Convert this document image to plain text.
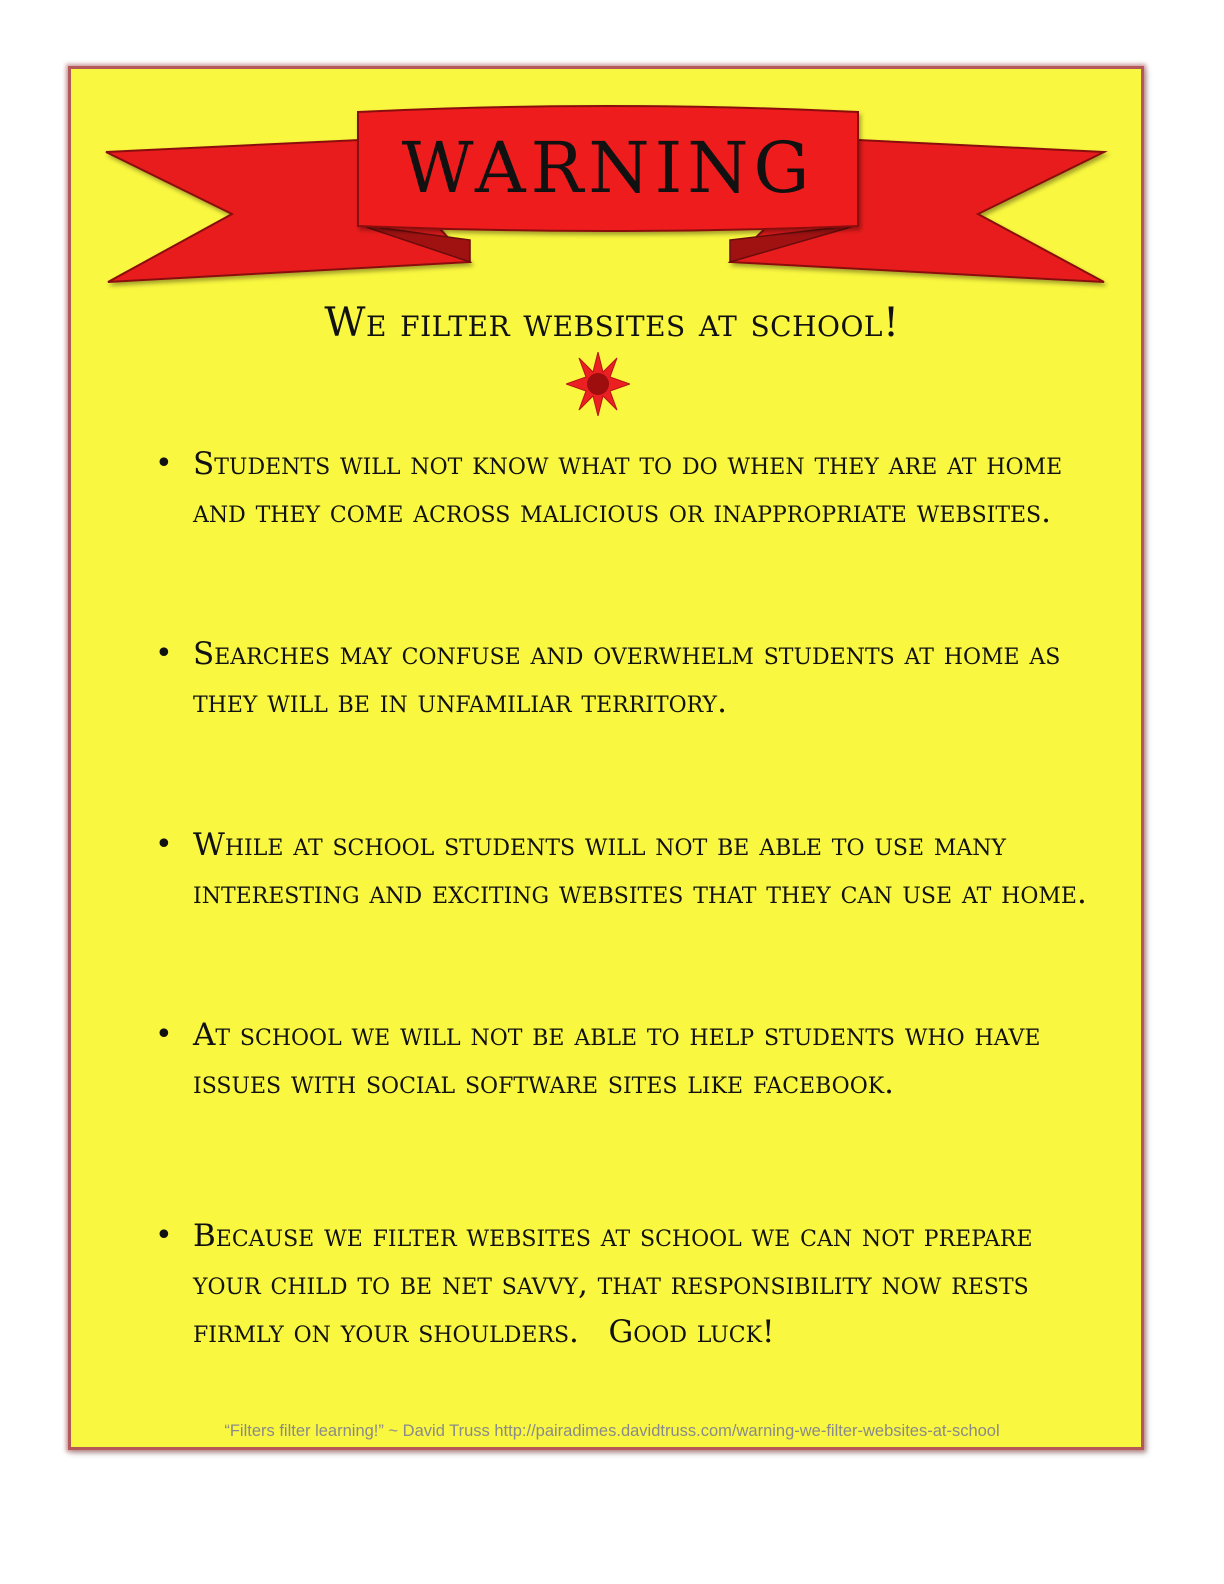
WARNING
We filter websites at school!
• Students will not know what to do when they are at home and they come across malicious or inappropriate websites.
• Searches may confuse and overwhelm students at home as they will be in unfamiliar territory.
• While at school students will not be able to use many interesting and exciting websites that they can use at home.
• At school we will not be able to help students who have issues with social software sites like facebook.
• Because we filter websites at school we can not prepare your child to be net savvy, that responsibility now rests firmly on your shoulders.   Good luck!
“Filters filter learning!” ~ David Truss http://pairadimes.davidtruss.com/warning-we-filter-websites-at-school
